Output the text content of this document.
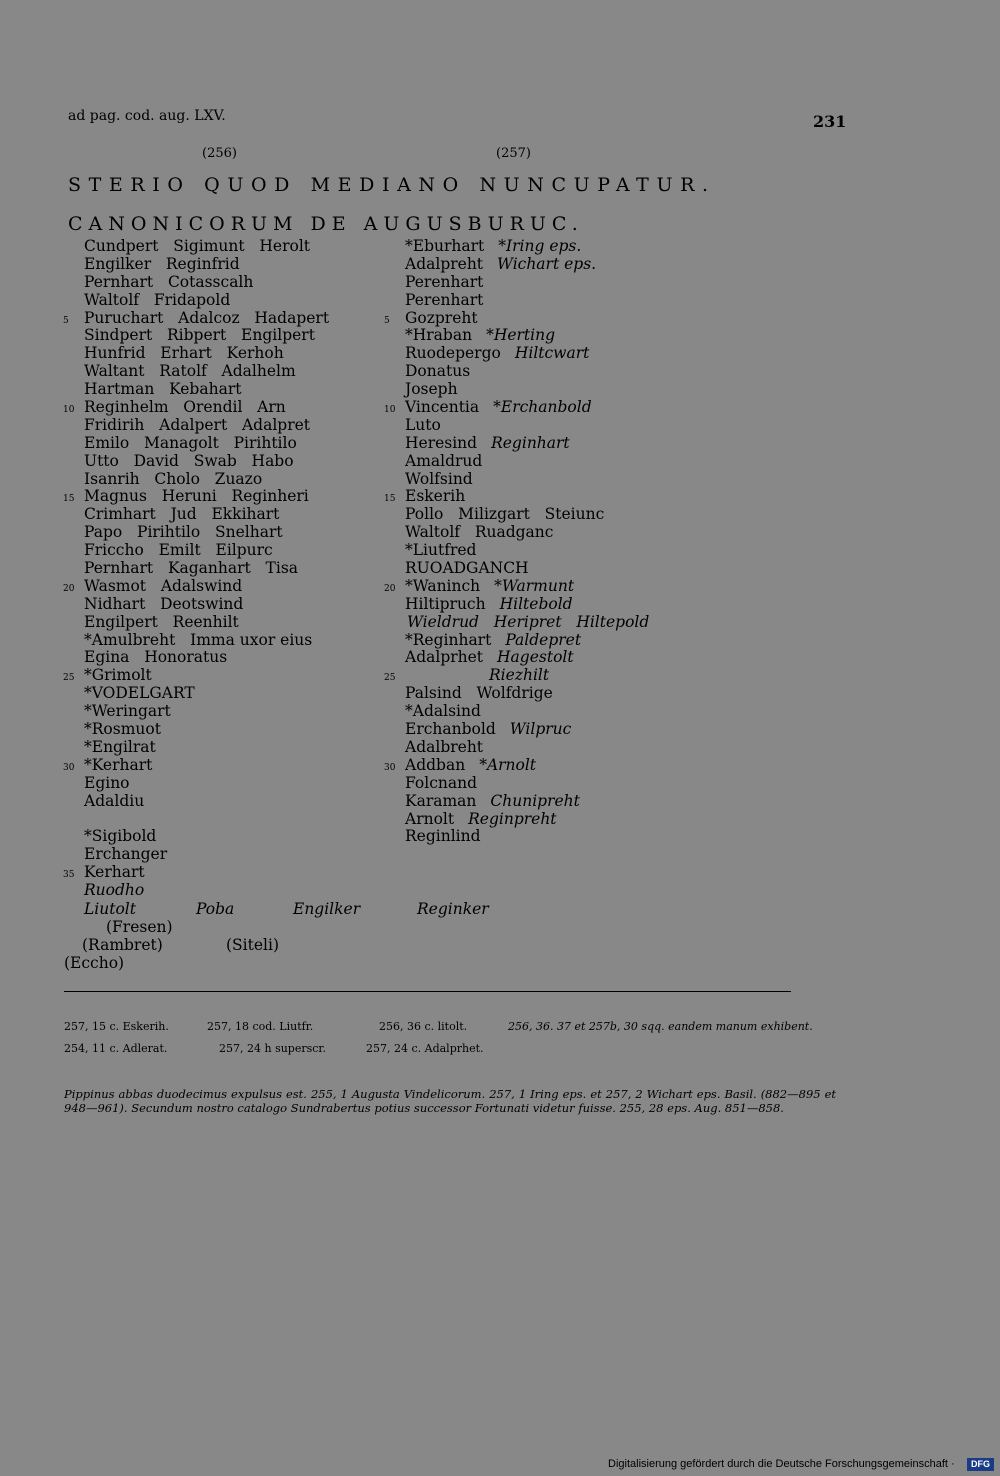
ad pag. cod. aug. LXV.	231
(256)	(257)
STERIO QUOD MEDIANO NUNCUPATUR.
CANONICORUM DE AUGUSBURUC.
Cundpert   Sigimunt   Herolt
Engilker   Reginfrid
Pernhart   Cotasscalh
Waltolf   Fridapold
5 Puruchart   Adalcoz   Hadapert
Sindpert   Ribpert   Engilpert
Hunfrid   Erhart   Kerhoh
Waltant   Ratolf   Adalhelm
Hartman   Kebahart
10 Reginhelm   Orendil   Arn
Fridirih   Adalpert   Adalpret
Emilo   Managolt   Pirihtilo
Utto   David   Swab   Habo
Isanrih   Cholo   Zuazo
15 Magnus   Heruni   Reginheri
Crimhart   Jud   Ekkihart
Papo   Pirihtilo   Snelhart
Friccho   Emilt   Eilpurc
Pernhart   Kaganhart   Tisa
20 Wasmot   Adalswind
Nidhart   Deotswind
Engilpert   Reenhilt
*Amulbreht   Imma uxor eius
Egina   Honoratus
25 *Grimolt
*VODELGART
*Weringart
*Rosmuot
*Engilrat
30 *Kerhart
Egino
Adaldiu
*Sigibold
Erchanger
35 Kerhart
Ruodho
*Eburhart *Iring eps.
Adalpreht Wichart eps.
Perenhart
Perenhart
5 Gozpreht
*Hraban *Herting
Ruodepergo Hiltcwart
Donatus
Joseph
10 Vincentia *Erchanbold
Luto
Heresind Reginhart
Amaldrud
Wolfsind
15 Eskerih
Pollo   Milizgart   Steiunc
Waltolf   Ruadganc
*Liutfred
RUOADGANCH
20 *Waninch *Warmunt
Hiltipruch Hiltebold
Wieldrud   Heripret   Hiltepold
*Reginhart Paldepret
Adalprhet Hagestolt
25	Riezhilt
Palsind   Wolfdrige
*Adalsind
Erchanbold Wilpruc
Adalbreht
30 Addban *Arnolt
Folcnand
Karaman Chunipreht
Arnolt Reginpreht
Reginlind
Liutolt	Poba	Engilker	Reginker
(Fresen)
(Rambret)	(Siteli)
(Eccho)
257, 15 c. Eskerih.	257, 18 cod. Liutfr.	256, 36 c. litolt.	256, 36. 37 et 257b, 30 sqq. eandem manum exhibent.
254, 11 c. Adlerat.	257, 24 h superscr.	257, 24 c. Adalprhet.
Pippinus abbas duodecimus expulsus est. 255, 1 Augusta Vindelicorum. 257, 1 Iring eps. et 257, 2 Wichart eps. Basil. (882—895 et 948—961). Secundum nostro catalogo Sundrabertus potius successor Fortunati videtur fuisse. 255, 28 eps. Aug. 851—858.
Digitalisierung gefördert durch die Deutsche Forschungsgemeinschaft ·	DFG
